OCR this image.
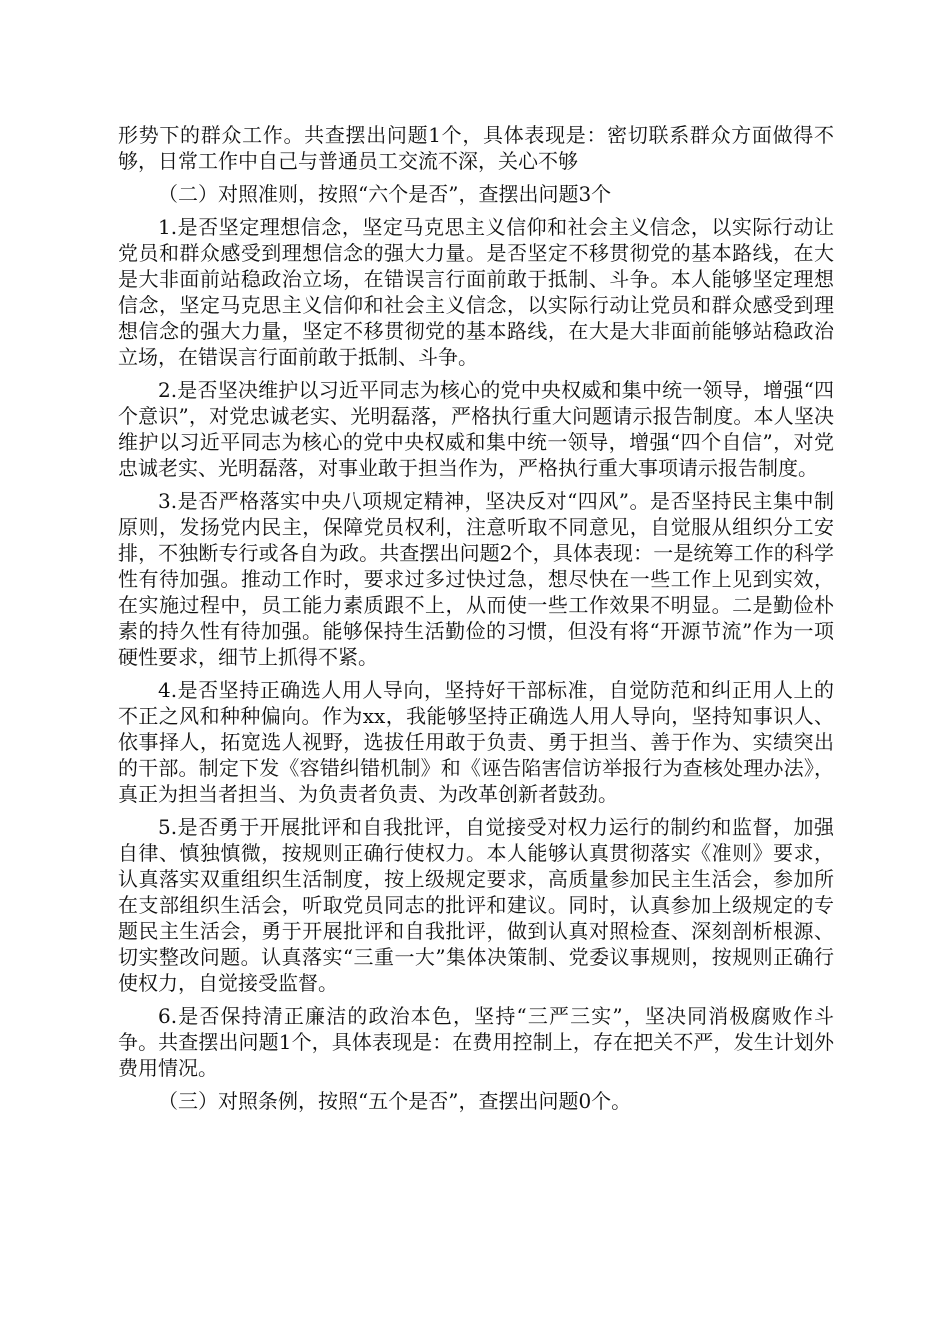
形势下的群众工作。共查摆出问题1个，具体表现是：密切联系群众方面做得不够，日常工作中自己与普通员工交流不深，关心不够

（二）对照准则，按照“六个是否”，查摆出问题3个

1.是否坚定理想信念，坚定马克思主义信仰和社会主义信念，以实际行动让党员和群众感受到理想信念的强大力量。是否坚定不移贯彻党的基本路线，在大是大非面前站稳政治立场，在错误言行面前敢于抵制、斗争。本人能够坚定理想信念，坚定马克思主义信仰和社会主义信念，以实际行动让党员和群众感受到理想信念的强大力量，坚定不移贯彻党的基本路线，在大是大非面前能够站稳政治立场，在错误言行面前敢于抵制、斗争。

2.是否坚决维护以习近平同志为核心的党中央权威和集中统一领导，增强“四个意识”，对党忠诚老实、光明磊落，严格执行重大问题请示报告制度。本人坚决维护以习近平同志为核心的党中央权威和集中统一领导，增强“四个自信”，对党忠诚老实、光明磊落，对事业敢于担当作为，严格执行重大事项请示报告制度。

3.是否严格落实中央八项规定精神，坚决反对“四风”。是否坚持民主集中制原则，发扬党内民主，保障党员权利，注意听取不同意见，自觉服从组织分工安排，不独断专行或各自为政。共查摆出问题2个，具体表现：一是统筹工作的科学性有待加强。推动工作时，要求过多过快过急，想尽快在一些工作上见到实效，在实施过程中，员工能力素质跟不上，从而使一些工作效果不明显。二是勤俭朴素的持久性有待加强。能够保持生活勤俭的习惯，但没有将“开源节流”作为一项硬性要求，细节上抓得不紧。

4.是否坚持正确选人用人导向，坚持好干部标准，自觉防范和纠正用人上的不正之风和种种偏向。作为xx，我能够坚持正确选人用人导向，坚持知事识人、依事择人，拓宽选人视野，选拔任用敢于负责、勇于担当、善于作为、实绩突出的干部。制定下发《容错纠错机制》和《诬告陷害信访举报行为查核处理办法》，真正为担当者担当、为负责者负责、为改革创新者鼓劲。

5.是否勇于开展批评和自我批评，自觉接受对权力运行的制约和监督，加强自律、慎独慎微，按规则正确行使权力。本人能够认真贯彻落实《准则》要求，认真落实双重组织生活制度，按上级规定要求，高质量参加民主生活会，参加所在支部组织生活会，听取党员同志的批评和建议。同时，认真参加上级规定的专题民主生活会，勇于开展批评和自我批评，做到认真对照检查、深刻剖析根源、切实整改问题。认真落实“三重一大”集体决策制、党委议事规则，按规则正确行使权力，自觉接受监督。

6.是否保持清正廉洁的政治本色，坚持“三严三实”，坚决同消极腐败作斗争。共查摆出问题1个，具体表现是：在费用控制上，存在把关不严，发生计划外费用情况。

（三）对照条例，按照“五个是否”，查摆出问题0个。
